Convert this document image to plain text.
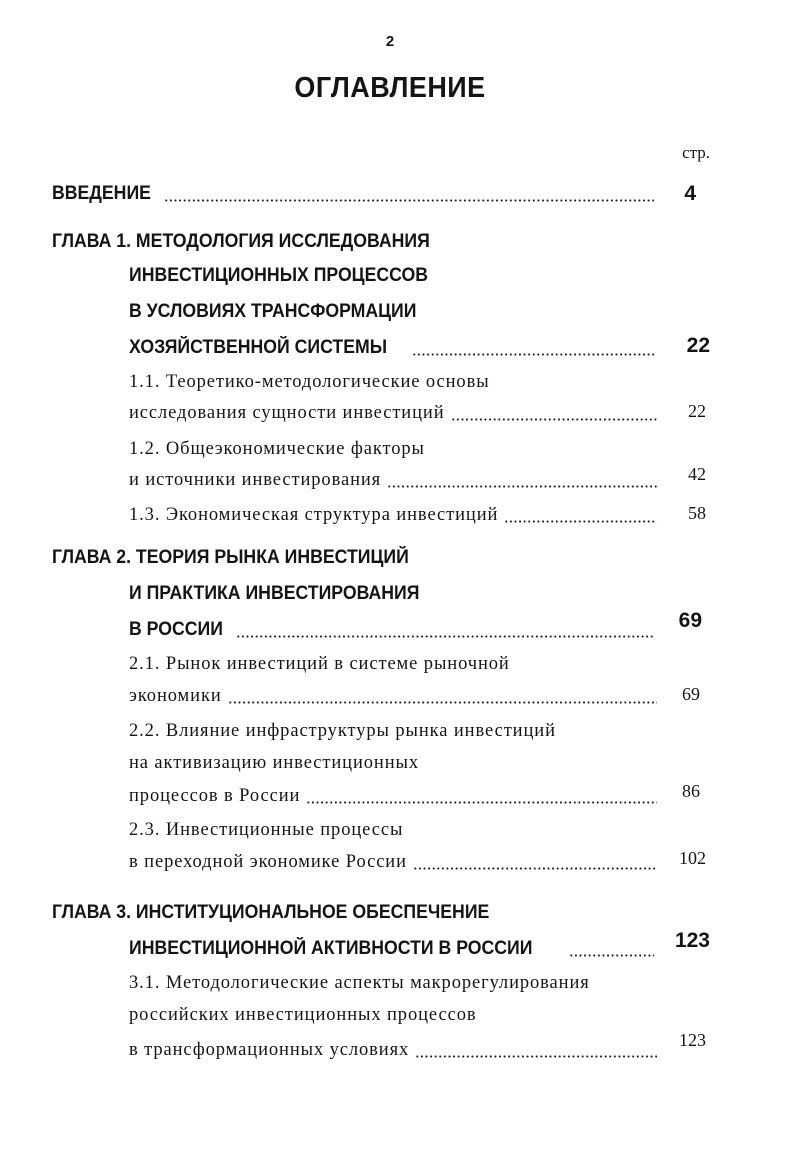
2
ОГЛАВЛЕНИЕ
стр.
ВВЕДЕНИЕ	4
ГЛАВА 1. МЕТОДОЛОГИЯ ИССЛЕДОВАНИЯ
ИНВЕСТИЦИОННЫХ ПРОЦЕССОВ
В УСЛОВИЯХ ТРАНСФОРМАЦИИ
ХОЗЯЙСТВЕННОЙ СИСТЕМЫ	22
1.1. Теоретико-методологические основы
исследования сущности инвестиций	22
1.2. Общеэкономические факторы
и источники инвестирования	42
1.3. Экономическая структура инвестиций	58
ГЛАВА 2. ТЕОРИЯ РЫНКА ИНВЕСТИЦИЙ
И ПРАКТИКА ИНВЕСТИРОВАНИЯ
В РОССИИ	69
2.1. Рынок инвестиций в системе рыночной
экономики	69
2.2. Влияние инфраструктуры рынка инвестиций
на активизацию инвестиционных
процессов в России	86
2.3. Инвестиционные процессы
в переходной экономике России	102
ГЛАВА 3. ИНСТИТУЦИОНАЛЬНОЕ ОБЕСПЕЧЕНИЕ
ИНВЕСТИЦИОННОЙ АКТИВНОСТИ В РОССИИ	123
3.1. Методологические аспекты макрорегулирования
российских инвестиционных процессов
в трансформационных условиях	123
